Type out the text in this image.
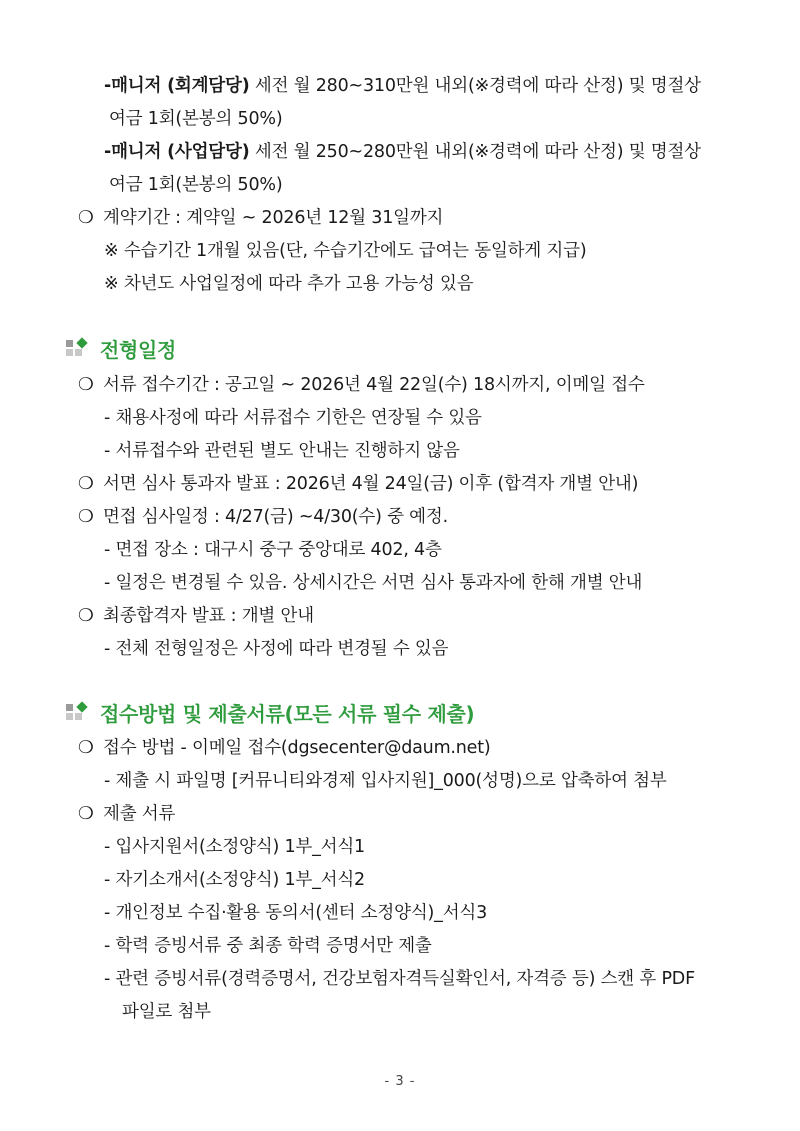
-매니저 (회계담당) 세전 월 280~310만원 내외(※경력에 따라 산정) 및 명절상
여금 1회(본봉의 50%)
-매니저 (사업담당) 세전 월 250~280만원 내외(※경력에 따라 산정) 및 명절상
여금 1회(본봉의 50%)
❍ 계약기간 : 계약일 ~ 2026년 12월 31일까지
※ 수습기간 1개월 있음(단, 수습기간에도 급여는 동일하게 지급)
※ 차년도 사업일정에 따라 추가 고용 가능성 있음
전형일정
❍ 서류 접수기간 : 공고일 ~ 2026년 4월 22일(수) 18시까지, 이메일 접수
- 채용사정에 따라 서류접수 기한은 연장될 수 있음
- 서류접수와 관련된 별도 안내는 진행하지 않음
❍ 서면 심사 통과자 발표 : 2026년 4월 24일(금) 이후 (합격자 개별 안내)
❍ 면접 심사일정 : 4/27(금) ~4/30(수) 중 예정.
- 면접 장소 : 대구시 중구 중앙대로 402, 4층
- 일정은 변경될 수 있음. 상세시간은 서면 심사 통과자에 한해 개별 안내
❍ 최종합격자 발표 : 개별 안내
- 전체 전형일정은 사정에 따라 변경될 수 있음
접수방법 및 제출서류(모든 서류 필수 제출)
❍ 접수 방법 - 이메일 접수(dgsecenter@daum.net)
- 제출 시 파일명 [커뮤니티와경제 입사지원]_000(성명)으로 압축하여 첨부
❍ 제출 서류
- 입사지원서(소정양식) 1부_서식1
- 자기소개서(소정양식) 1부_서식2
- 개인정보 수집·활용 동의서(센터 소정양식)_서식3
- 학력 증빙서류 중 최종 학력 증명서만 제출
- 관련 증빙서류(경력증명서, 건강보험자격득실확인서, 자격증 등) 스캔 후 PDF
파일로 첨부
- 3 -
